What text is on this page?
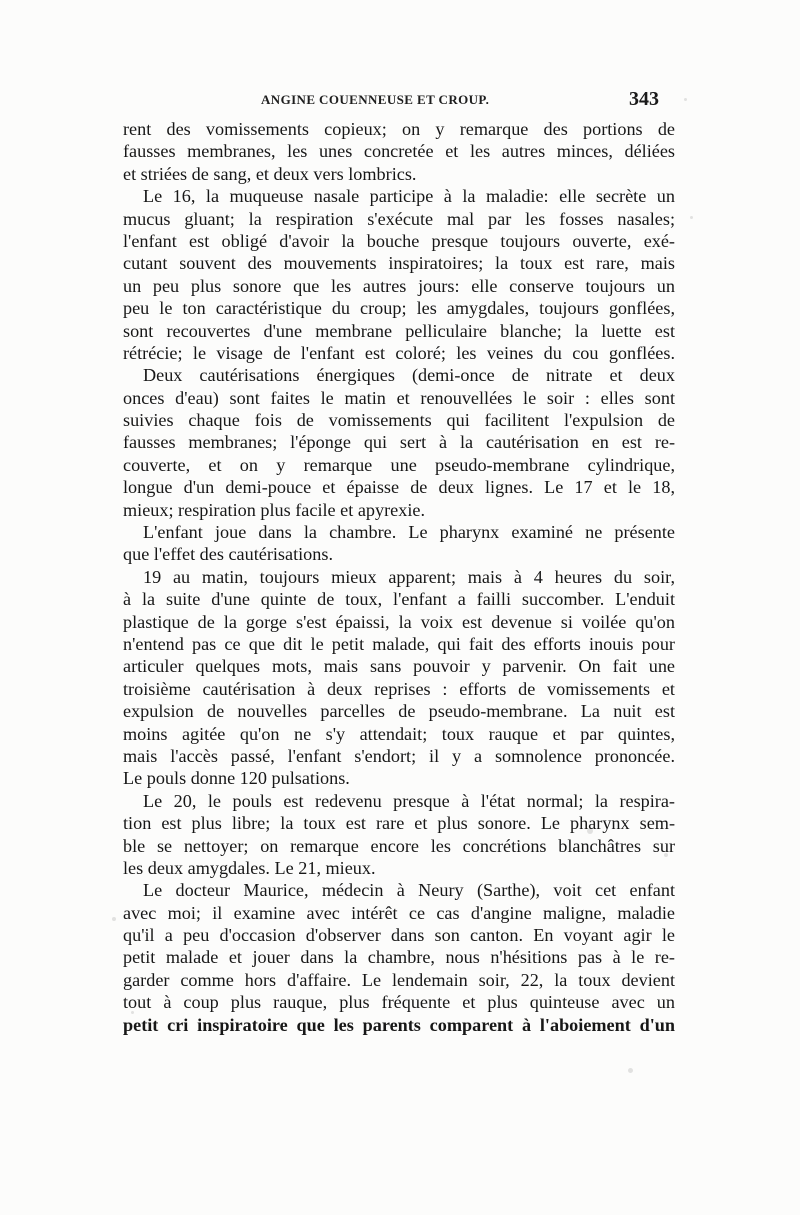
ANGINE COUENNEUSE ET CROUP.	343
rent des vomissements copieux; on y remarque des portions de
fausses membranes, les unes concretée et les autres minces, déliées
et striées de sang, et deux vers lombrics.
Le 16, la muqueuse nasale participe à la maladie: elle secrète un
mucus gluant; la respiration s'exécute mal par les fosses nasales;
l'enfant est obligé d'avoir la bouche presque toujours ouverte, exé-
cutant souvent des mouvements inspiratoires; la toux est rare, mais
un peu plus sonore que les autres jours: elle conserve toujours un
peu le ton caractéristique du croup; les amygdales, toujours gonflées,
sont recouvertes d'une membrane pelliculaire blanche; la luette est
rétrécie; le visage de l'enfant est coloré; les veines du cou gonflées.
Deux cautérisations énergiques (demi-once de nitrate et deux
onces d'eau) sont faites le matin et renouvellées le soir : elles sont
suivies chaque fois de vomissements qui facilitent l'expulsion de
fausses membranes; l'éponge qui sert à la cautérisation en est re-
couverte, et on y remarque une pseudo-membrane cylindrique,
longue d'un demi-pouce et épaisse de deux lignes. Le 17 et le 18,
mieux; respiration plus facile et apyrexie.
L'enfant joue dans la chambre. Le pharynx examiné ne présente
que l'effet des cautérisations.
19 au matin, toujours mieux apparent; mais à 4 heures du soir,
à la suite d'une quinte de toux, l'enfant a failli succomber. L'enduit
plastique de la gorge s'est épaissi, la voix est devenue si voilée qu'on
n'entend pas ce que dit le petit malade, qui fait des efforts inouis pour
articuler quelques mots, mais sans pouvoir y parvenir. On fait une
troisième cautérisation à deux reprises : efforts de vomissements et
expulsion de nouvelles parcelles de pseudo-membrane. La nuit est
moins agitée qu'on ne s'y attendait; toux rauque et par quintes,
mais l'accès passé, l'enfant s'endort; il y a somnolence prononcée.
Le pouls donne 120 pulsations.
Le 20, le pouls est redevenu presque à l'état normal; la respira-
tion est plus libre; la toux est rare et plus sonore. Le pharynx sem-
ble se nettoyer; on remarque encore les concrétions blanchâtres sur
les deux amygdales. Le 21, mieux.
Le docteur Maurice, médecin à Neury (Sarthe), voit cet enfant
avec moi; il examine avec intérêt ce cas d'angine maligne, maladie
qu'il a peu d'occasion d'observer dans son canton. En voyant agir le
petit malade et jouer dans la chambre, nous n'hésitions pas à le re-
garder comme hors d'affaire. Le lendemain soir, 22, la toux devient
tout à coup plus rauque, plus fréquente et plus quinteuse avec un
petit cri inspiratoire que les parents comparent à l'aboiement d'un
